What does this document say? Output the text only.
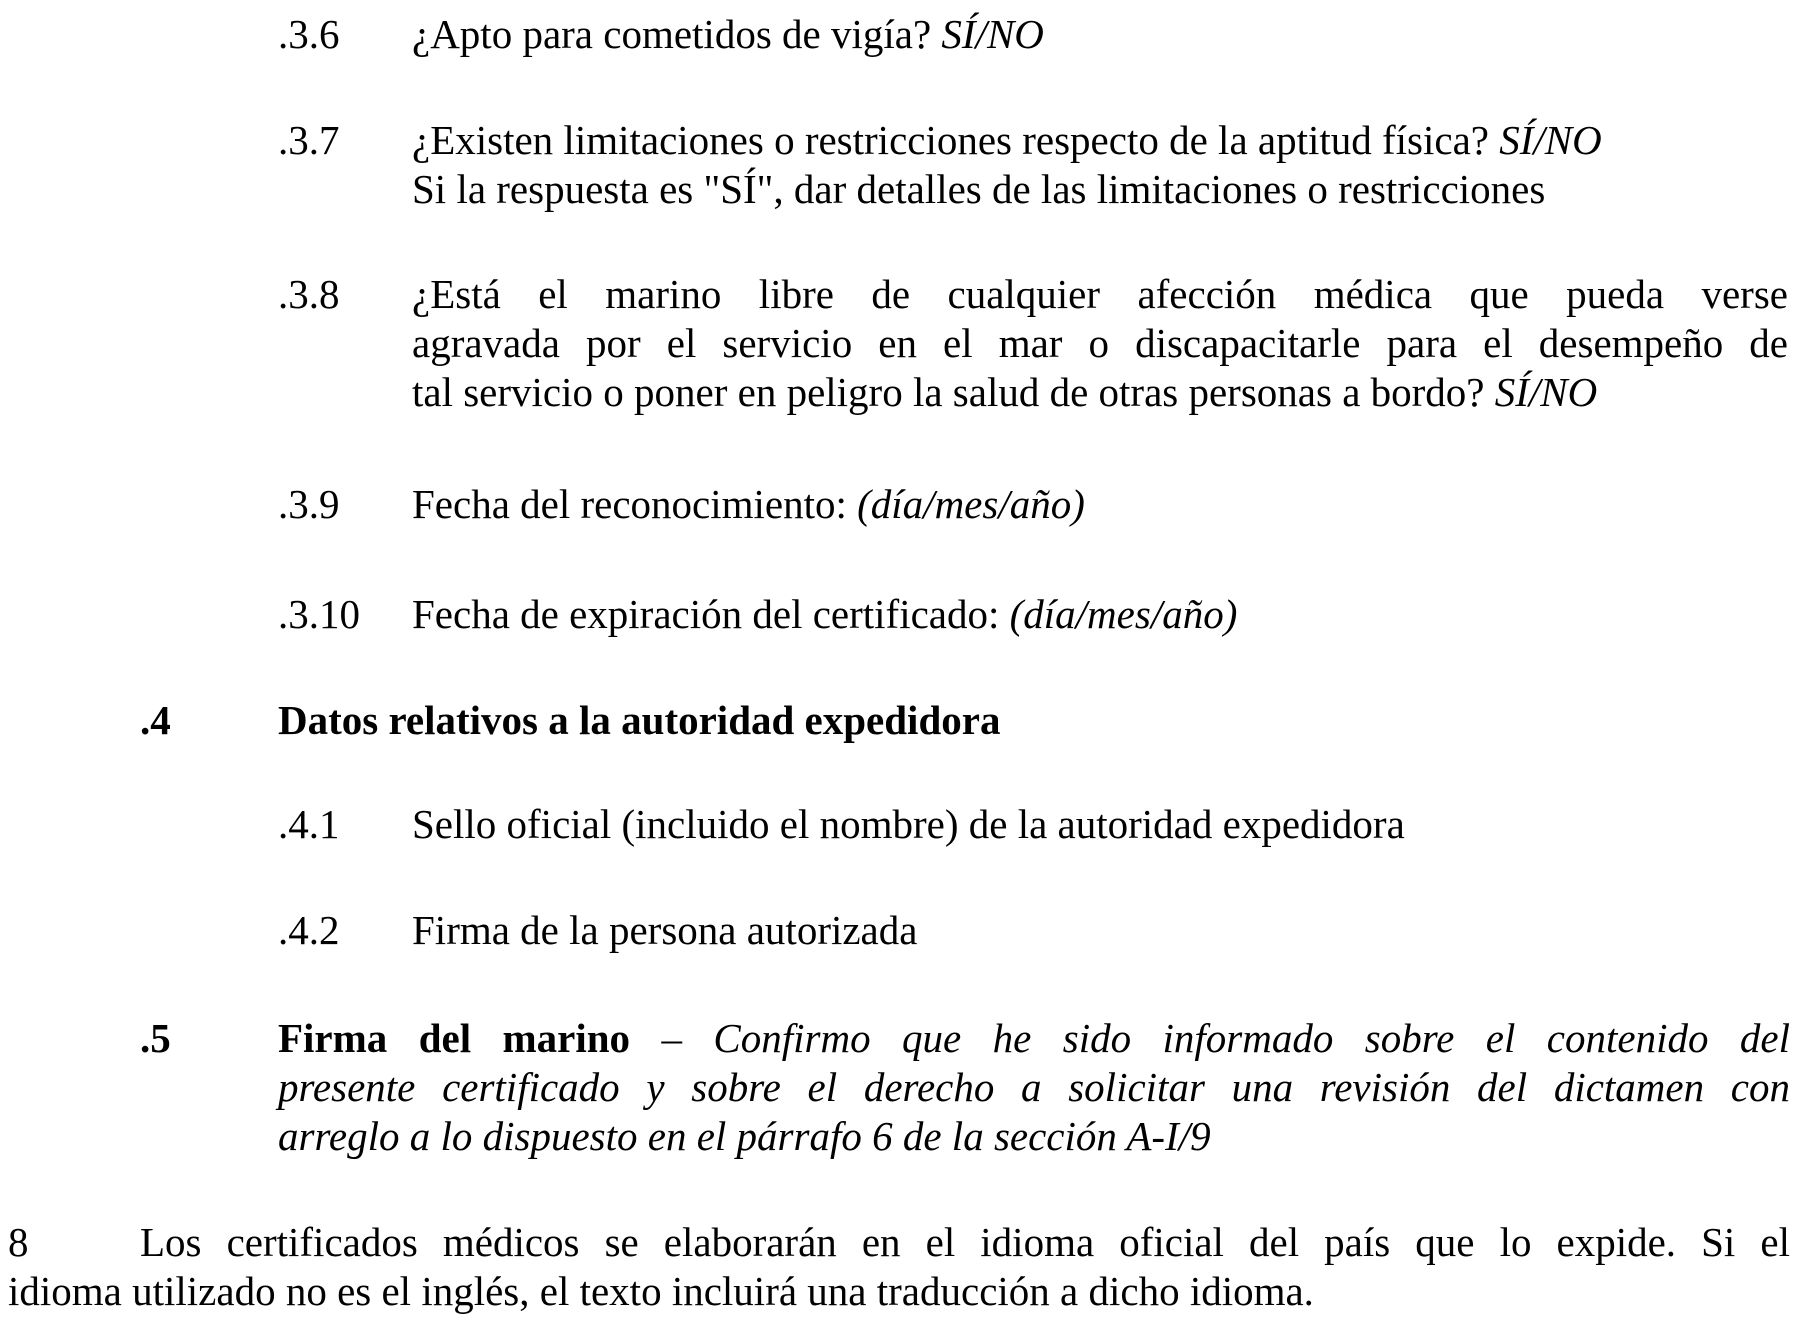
.3.6 ¿Apto para cometidos de vigía? SÍ/NO
.3.7 ¿Existen limitaciones o restricciones respecto de la aptitud física? SÍ/NO
Si la respuesta es "SÍ", dar detalles de las limitaciones o restricciones
.3.8 ¿Está el marino libre de cualquier afección médica que pueda verse
agravada por el servicio en el mar o discapacitarle para el desempeño de
tal servicio o poner en peligro la salud de otras personas a bordo? SÍ/NO
.3.9 Fecha del reconocimiento: (día/mes/año)
.3.10 Fecha de expiración del certificado: (día/mes/año)
.4	Datos relativos a la autoridad expedidora
.4.1 Sello oficial (incluido el nombre) de la autoridad expedidora
.4.2 Firma de la persona autorizada
.5	Firma del marino – Confirmo que he sido informado sobre el contenido del
presente certificado y sobre el derecho a solicitar una revisión del dictamen con
arreglo a lo dispuesto en el párrafo 6 de la sección A-I/9
8	Los certificados médicos se elaborarán en el idioma oficial del país que lo expide. Si el
idioma utilizado no es el inglés, el texto incluirá una traducción a dicho idioma.
